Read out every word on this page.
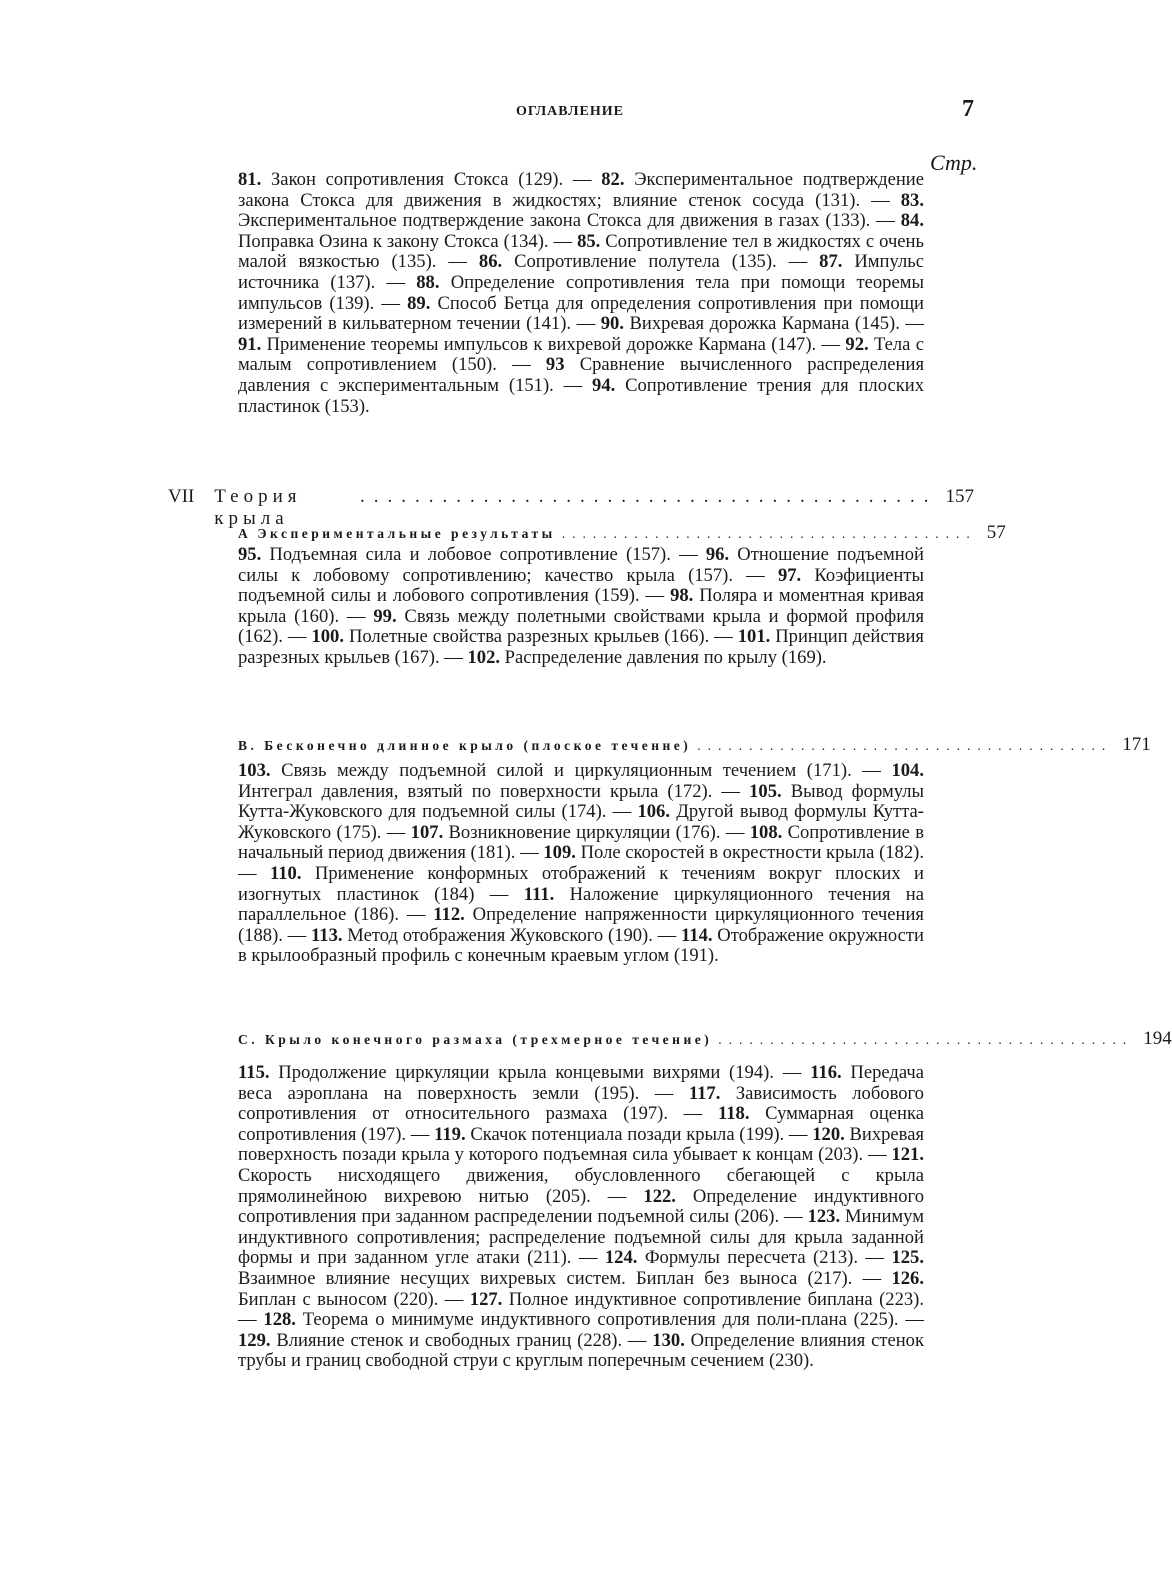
ОГЛАВЛЕНИЕ	7
Стр.
81. Закон сопротивления Стокса (129). — 82. Экспериментальное подтверждение закона Стокса для движения в жидкостях; влияние стенок сосуда (131). — 83. Экспериментальное подтверждение закона Стокса для движения в газах (133). — 84. Поправка Озина к закону Стокса (134). — 85. Сопротивление тел в жидкостях с очень малой вязкостью (135). — 86. Сопротивление полутела (135). — 87. Импульс источника (137). — 88. Определение сопротивления тела при помощи теоремы импульсов (139). — 89. Способ Бетца для определения сопротивления при помощи измерений в кильватерном течении (141). — 90. Вихревая дорожка Кармана (145). — 91. Применение теоремы импульсов к вихревой дорожке Кармана (147). — 92. Тела с малым сопротивлением (150). — 93 Сравнение вычисленного распределения давления с экспериментальным (151). — 94. Сопротивление трения для плоских пластинок (153).
VII	Теория крыла
.......................................... 157
A Экспериментальные результаты ........................................ 57
95. Подъемная сила и лобовое сопротивление (157). — 96. Отношение подъемной силы к лобовому сопротивлению; качество крыла (157). — 97. Коэфициенты подъемной силы и лобового сопротивления (159). — 98. Поляра и моментная кривая крыла (160). — 99. Связь между полетными свойствами крыла и формой профиля (162). — 100. Полетные свойства разрезных крыльев (166). — 101. Принцип действия разрезных крыльев (167). — 102. Распределение давления по крылу (169).
B. Бесконечно длинное крыло (плоское теченне) ........................................ 171
103. Связь между подъемной силой и циркуляционным течением (171). — 104. Интеграл давления, взятый по поверхности крыла (172). — 105. Вывод формулы Кутта-Жуковского для подъемной силы (174). — 106. Другой вывод формулы Кутта-Жуковского (175). — 107. Возникновение циркуляции (176). — 108. Сопротивление в начальный период движения (181). — 109. Поле скоростей в окрестности крыла (182). — 110. Применение конформных отображений к течениям вокруг плоских и изогнутых пластинок (184) — 111. Наложение циркуляционного течения на параллельное (186). — 112. Определение напряженности циркуляционного течения (188). — 113. Метод отображения Жуковского (190). — 114. Отображение окружности в крылообразный профиль с конечным краевым углом (191).
C. Крыло конечного размаха (трехмерное течение) ........................................ 194
115. Продолжение циркуляции крыла концевыми вихрями (194). — 116. Передача веса аэроплана на поверхность земли (195). — 117. Зависимость лобового сопротивления от относительного размаха (197). — 118. Суммарная оценка сопротивления (197). — 119. Скачок потенциала позади крыла (199). — 120. Вихревая поверхность позади крыла у которого подъемная сила убывает к концам (203). — 121. Скорость нисходящего движения, обусловленного сбегающей с крыла прямолинейною вихревою нитью (205). — 122. Определение индуктивного сопротивления при заданном распределении подъемной силы (206). — 123. Минимум индуктивного сопротивления; распределение подъемной силы для крыла заданной формы и при заданном угле атаки (211). — 124. Формулы пересчета (213). — 125. Взаимное влияние несущих вихревых систем. Биплан без выноса (217). — 126. Биплан с выносом (220). — 127. Полное индуктивное сопротивление биплана (223). — 128. Теорема о минимуме индуктивного сопротивления для поли-плана (225). — 129. Влияние стенок и свободных границ (228). — 130. Определение влияния стенок трубы и границ свободной струи с круглым поперечным сечением (230).
